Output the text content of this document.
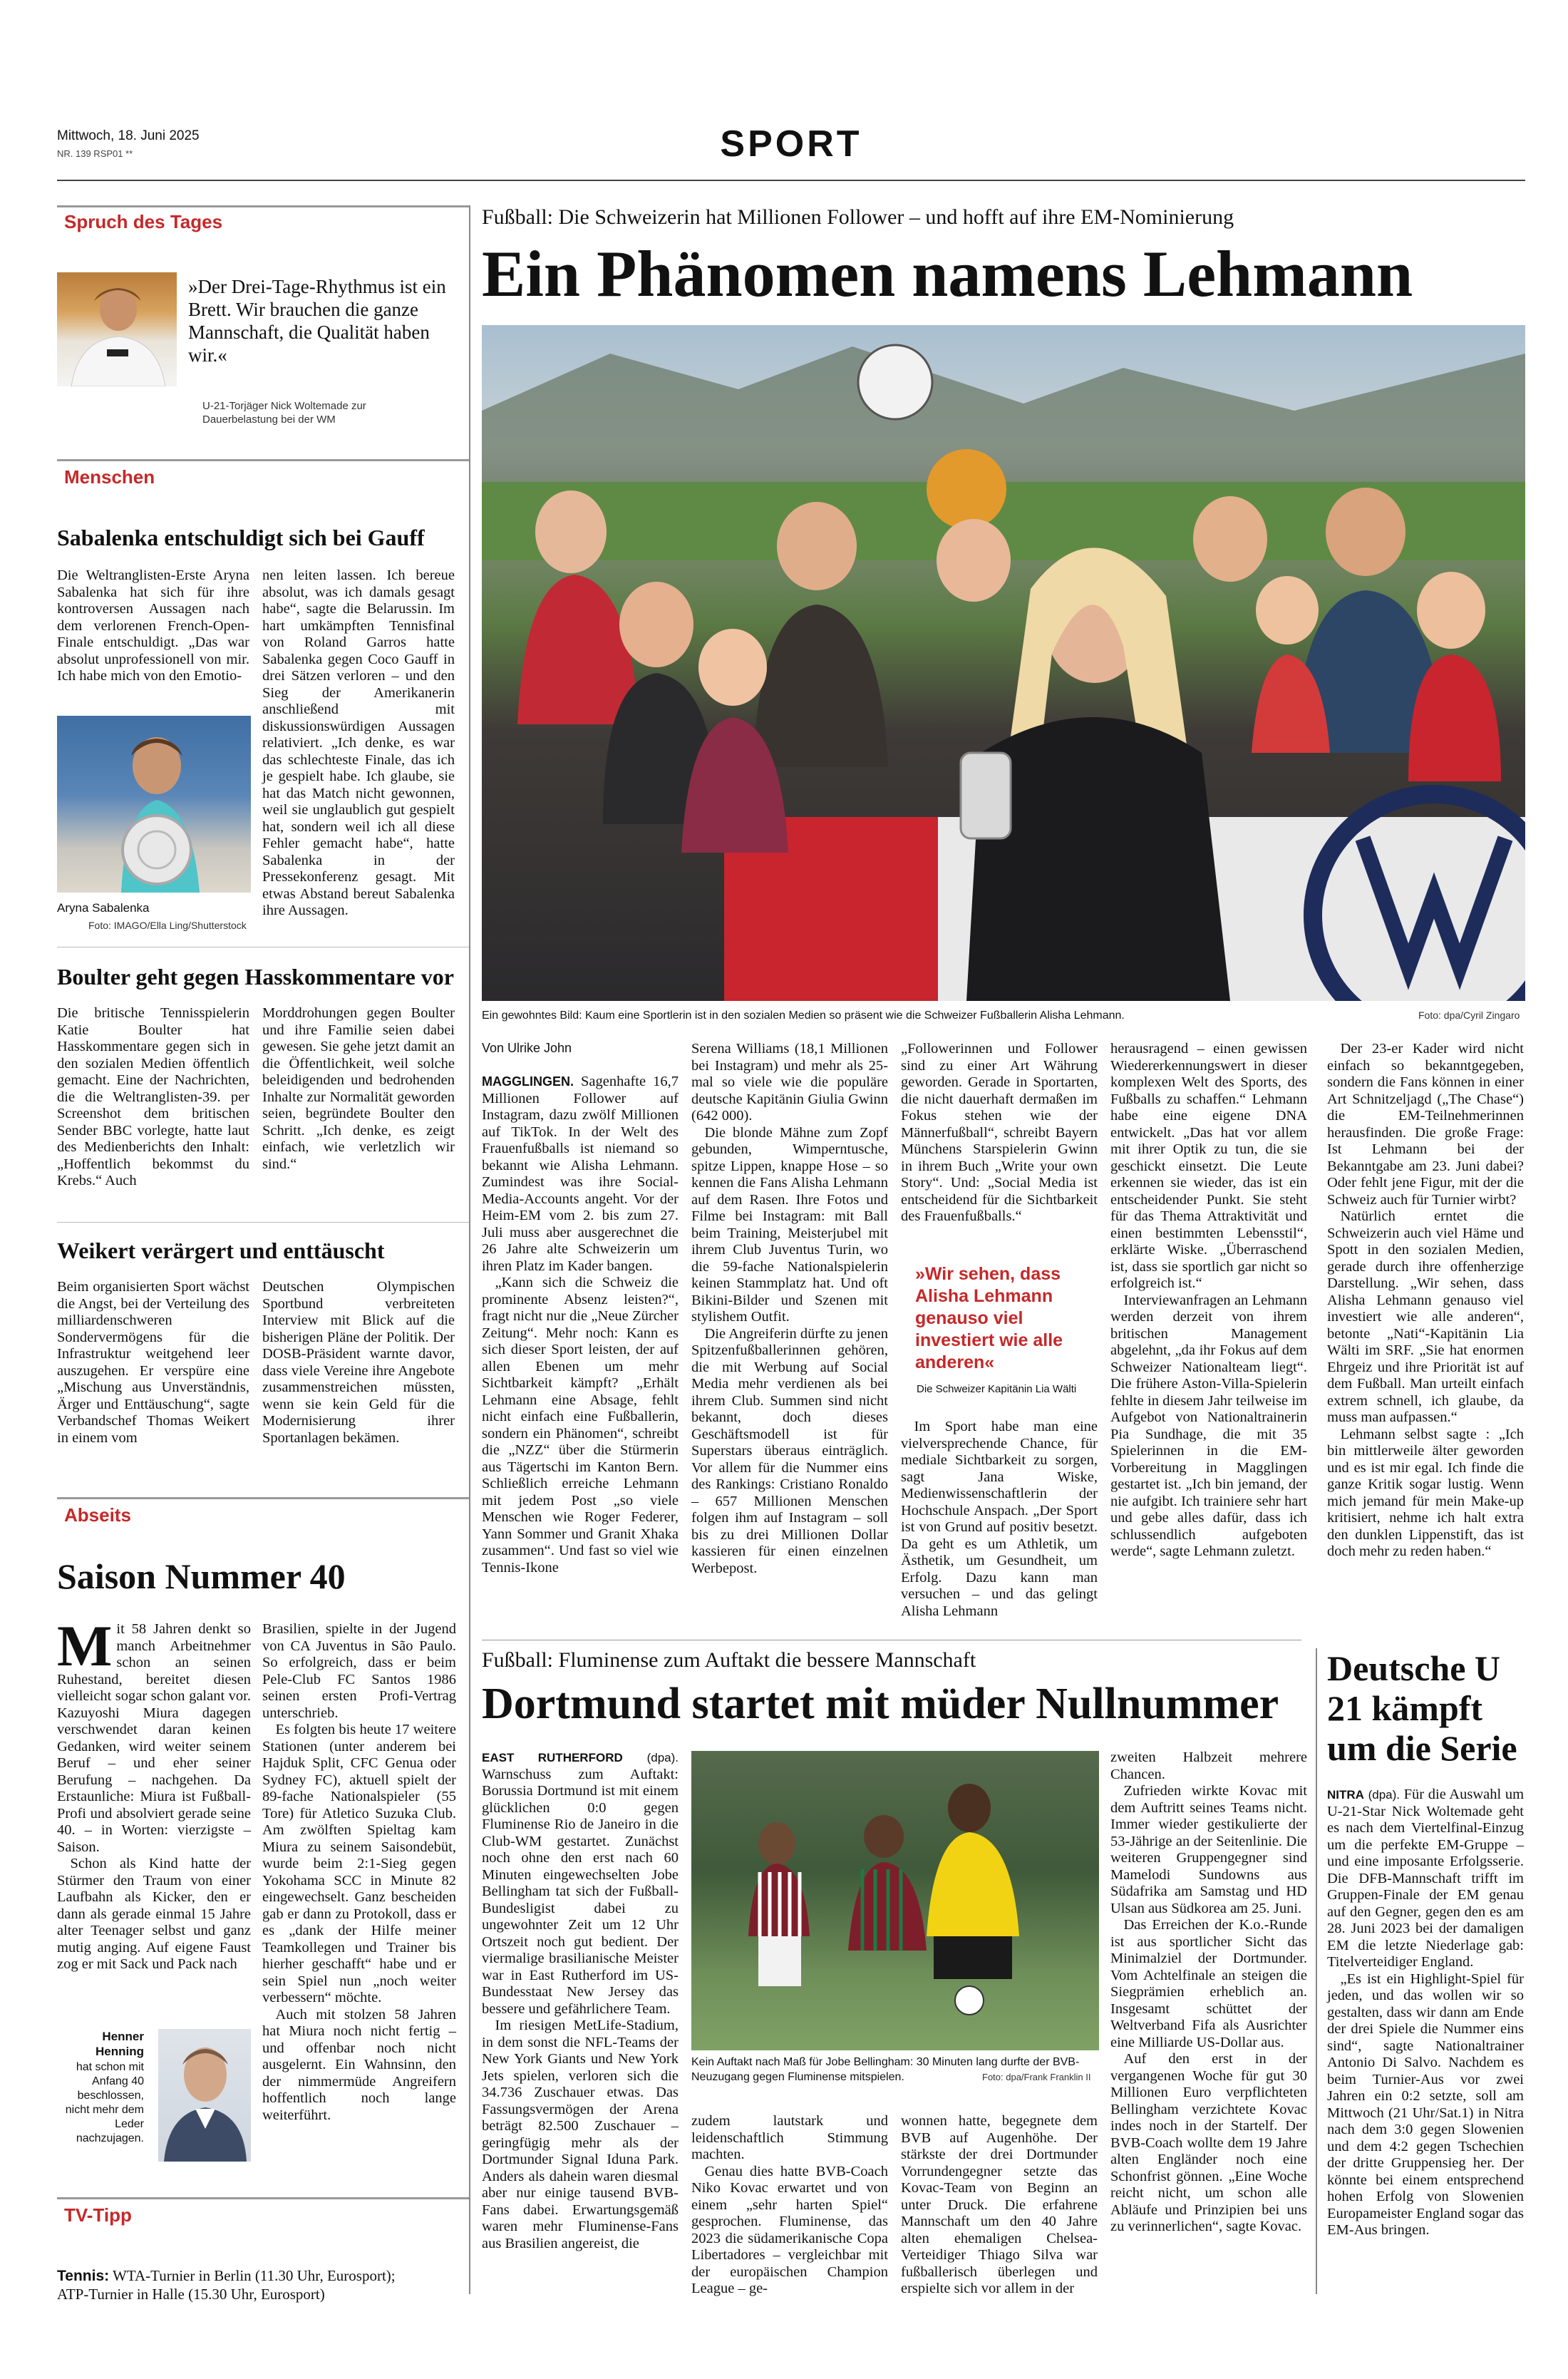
Mittwoch, 18. Juni 2025
NR. 139 RSP01 **	SPORT
Spruch des Tages
»Der Drei-Tage-Rhythmus ist ein Brett. Wir brauchen die ganze Mannschaft, die Qualität haben wir.«
U-21-Torjäger Nick Woltemade zur Dauerbelastung bei der WM
Menschen
Sabalenka entschuldigt sich bei Gauff

Die Weltranglisten-Erste Aryna Sabalenka hat sich für ihre kontroversen Aussagen nach dem verlorenen French-Open-Finale entschuldigt. „Das war absolut unprofessionell von mir. Ich habe mich von den Emotio-

Aryna Sabalenka
Foto: IMAGO/Ella Ling/Shutterstock

nen leiten lassen. Ich bereue absolut, was ich damals gesagt habe“, sagte die Belarussin. Im hart umkämpften Tennisfinal von Roland Garros hatte Sabalenka gegen Coco Gauff in drei Sätzen verloren – und den Sieg der Amerikanerin anschließend mit diskussionswürdigen Aussagen relativiert. „Ich denke, es war das schlechteste Finale, das ich je gespielt habe. Ich glaube, sie hat das Match nicht gewonnen, weil sie unglaublich gut gespielt hat, sondern weil ich all diese Fehler gemacht habe“, hatte Sabalenka in der Pressekonferenz gesagt. Mit etwas Abstand bereut Sabalenka ihre Aussagen.

Boulter geht gegen Hasskommentare vor

Die britische Tennisspielerin Katie Boulter hat Hasskommentare gegen sich in den sozialen Medien öffentlich gemacht. Eine der Nachrichten, die die Weltranglisten-39. per Screenshot dem britischen Sender BBC vorlegte, hatte laut des Medienberichts den Inhalt: „Hoffentlich bekommst du Krebs.“ Auch

Morddrohungen gegen Boulter und ihre Familie seien dabei gewesen. Sie gehe jetzt damit an die Öffentlichkeit, weil solche beleidigenden und bedrohenden Inhalte zur Normalität geworden seien, begründete Boulter den Schritt. „Ich denke, es zeigt einfach, wie verletzlich wir sind.“

Weikert verärgert und enttäuscht

Beim organisierten Sport wächst die Angst, bei der Verteilung des milliardenschweren Sondervermögens für die Infrastruktur weitgehend leer auszugehen. Er verspüre eine „Mischung aus Unverständnis, Ärger und Enttäuschung“, sagte Verbandschef Thomas Weikert in einem vom

Deutschen Olympischen Sportbund verbreiteten Interview mit Blick auf die bisherigen Pläne der Politik. Der DOSB-Präsident warnte davor, dass viele Vereine ihre Angebote zusammenstreichen müssten, wenn sie kein Geld für die Modernisierung ihrer Sportanlagen bekämen.

Abseits
Saison Nummer 40
M it 58 Jahren denkt so manch Arbeitnehmer schon an seinen Ruhestand, bereitet diesen vielleicht sogar schon galant vor. Kazuyoshi Miura dagegen verschwendet daran keinen Gedanken, wird weiter seinem Beruf – und eher seiner Berufung – nachgehen. Da Erstaunliche: Miura ist Fußball-Profi und absolviert gerade seine 40. – in Worten: vierzigste – Saison.

Schon als Kind hatte der Stürmer den Traum von einer Laufbahn als Kicker, den er dann als gerade einmal 15 Jahre alter Teenager selbst und ganz mutig anging. Auf eigene Faust zog er mit Sack und Pack nach

Henner Henning
hat schon mit Anfang 40 beschlossen, nicht mehr dem Leder nachzujagen.

Brasilien, spielte in der Jugend von CA Juventus in São Paulo. So erfolgreich, dass er beim Pele-Club FC Santos 1986 seinen ersten Profi-Vertrag unterschrieb.

Es folgten bis heute 17 weitere Stationen (unter anderem bei Hajduk Split, CFC Genua oder Sydney FC), aktuell spielt der 89-fache Nationalspieler (55 Tore) für Atletico Suzuka Club. Am zwölften Spieltag kam Miura zu seinem Saisondebüt, wurde beim 2:1-Sieg gegen Yokohama SCC in Minute 82 eingewechselt. Ganz bescheiden gab er dann zu Protokoll, dass er es „dank der Hilfe meiner Teamkollegen und Trainer bis hierher geschafft“ habe und er sein Spiel nun „noch weiter verbessern“ möchte.

Auch mit stolzen 58 Jahren hat Miura noch nicht fertig – und offenbar noch nicht ausgelernt. Ein Wahnsinn, den der nimmermüde Angreifern hoffentlich noch lange weiterführt.

TV-Tipp
Tennis: WTA-Turnier in Berlin (11.30 Uhr, Eurosport);
ATP-Turnier in Halle (15.30 Uhr, Eurosport)
Fußball: Die Schweizerin hat Millionen Follower – und hofft auf ihre EM-Nominierung
Ein Phänomen namens Lehmann
Ein gewohntes Bild: Kaum eine Sportlerin ist in den sozialen Medien so präsent wie die Schweizer Fußballerin Alisha Lehmann.	Foto: dpa/Cyril Zingaro
Von Ulrike John

MAGGLINGEN. Sagenhafte 16,7 Millionen Follower auf Instagram, dazu zwölf Millionen auf TikTok. In der Welt des Frauenfußballs ist niemand so bekannt wie Alisha Lehmann. Zumindest was ihre Social-Media-Accounts angeht. Vor der Heim-EM vom 2. bis zum 27. Juli muss aber ausgerechnet die 26 Jahre alte Schweizerin um ihren Platz im Kader bangen.

„Kann sich die Schweiz die prominente Absenz leisten?“, fragt nicht nur die „Neue Zürcher Zeitung“. Mehr noch: Kann es sich dieser Sport leisten, der auf allen Ebenen um mehr Sichtbarkeit kämpft? „Erhält Lehmann eine Absage, fehlt nicht einfach eine Fußballerin, sondern ein Phänomen“, schreibt die „NZZ“ über die Stürmerin aus Tägertschi im Kanton Bern. Schließlich erreiche Lehmann mit jedem Post „so viele Menschen wie Roger Federer, Yann Sommer und Granit Xhaka zusammen“. Und fast so viel wie Tennis-Ikone

Serena Williams (18,1 Millionen bei Instagram) und mehr als 25-mal so viele wie die populäre deutsche Kapitänin Giulia Gwinn (642 000).

Die blonde Mähne zum Zopf gebunden, Wimperntusche, spitze Lippen, knappe Hose – so kennen die Fans Alisha Lehmann auf dem Rasen. Ihre Fotos und Filme bei Instagram: mit Ball beim Training, Meisterjubel mit ihrem Club Juventus Turin, wo die 59-fache Nationalspielerin keinen Stammplatz hat. Und oft Bikini-Bilder und Szenen mit stylishem Outfit.

Die Angreiferin dürfte zu jenen Spitzenfußballerinnen gehören, die mit Werbung auf Social Media mehr verdienen als bei ihrem Club. Summen sind nicht bekannt, doch dieses Geschäftsmodell ist für Superstars überaus einträglich. Vor allem für die Nummer eins des Rankings: Cristiano Ronaldo – 657 Millionen Menschen folgen ihm auf Instagram – soll bis zu drei Millionen Dollar kassieren für einen einzelnen Werbepost.

„Followerinnen und Follower sind zu einer Art Währung geworden. Gerade in Sportarten, die nicht dauerhaft dermaßen im Fokus stehen wie der Männerfußball“, schreibt Bayern Münchens Starspielerin Gwinn in ihrem Buch „Write your own Story“. Und: „Social Media ist entscheidend für die Sichtbarkeit des Frauenfußballs.“

»Wir sehen, dass Alisha Lehmann genauso viel investiert wie alle anderen«
Die Schweizer Kapitänin Lia Wälti

Im Sport habe man eine vielversprechende Chance, für mediale Sichtbarkeit zu sorgen, sagt Jana Wiske, Medienwissenschaftlerin der Hochschule Anspach. „Der Sport ist von Grund auf positiv besetzt. Da geht es um Athletik, um Ästhetik, um Gesundheit, um Erfolg. Dazu kann man versuchen – und das gelingt Alisha Lehmann

herausragend – einen gewissen Wiedererkennungswert in dieser komplexen Welt des Sports, des Fußballs zu schaffen.“ Lehmann habe eine eigene DNA entwickelt. „Das hat vor allem mit ihrer Optik zu tun, die sie geschickt einsetzt. Die Leute erkennen sie wieder, das ist ein entscheidender Punkt. Sie steht für das Thema Attraktivität und einen bestimmten Lebensstil“, erklärte Wiske. „Überraschend ist, dass sie sportlich gar nicht so erfolgreich ist.“

Interviewanfragen an Lehmann werden derzeit von ihrem britischen Management abgelehnt, „da ihr Fokus auf dem Schweizer Nationalteam liegt“. Die frühere Aston-Villa-Spielerin fehlte in diesem Jahr teilweise im Aufgebot von Nationaltrainerin Pia Sundhage, die mit 35 Spielerinnen in die EM-Vorbereitung in Magglingen gestartet ist. „Ich bin jemand, der nie aufgibt. Ich trainiere sehr hart und gebe alles dafür, dass ich schlussendlich aufgeboten werde“, sagte Lehmann zuletzt.

Der 23-er Kader wird nicht einfach so bekanntgegeben, sondern die Fans können in einer Art Schnitzeljagd („The Chase“) die EM-Teilnehmerinnen herausfinden. Die große Frage: Ist Lehmann bei der Bekanntgabe am 23. Juni dabei? Oder fehlt jene Figur, mit der die Schweiz auch für Turnier wirbt?

Natürlich erntet die Schweizerin auch viel Häme und Spott in den sozialen Medien, gerade durch ihre offenherzige Darstellung. „Wir sehen, dass Alisha Lehmann genauso viel investiert wie alle anderen“, betonte „Nati“-Kapitänin Lia Wälti im SRF. „Sie hat enormen Ehrgeiz und ihre Priorität ist auf dem Fußball. Man urteilt einfach extrem schnell, ich glaube, da muss man aufpassen.“

Lehmann selbst sagte : „Ich bin mittlerweile älter geworden und es ist mir egal. Ich finde die ganze Kritik sogar lustig. Wenn mich jemand für mein Make-up kritisiert, nehme ich halt extra den dunklen Lippenstift, das ist doch mehr zu reden haben.“

Fußball: Fluminense zum Auftakt die bessere Mannschaft
Dortmund startet mit müder Nullnummer

EAST RUTHERFORD (dpa). Warnschuss zum Auftakt: Borussia Dortmund ist mit einem glücklichen 0:0 gegen Fluminense Rio de Janeiro in die Club-WM gestartet. Zunächst noch ohne den erst nach 60 Minuten eingewechselten Jobe Bellingham tat sich der Fußball-Bundesligist dabei zu ungewohnter Zeit um 12 Uhr Ortszeit noch gut bedient. Der viermalige brasilianische Meister war in East Rutherford im US-Bundesstaat New Jersey das bessere und gefährlichere Team.

Im riesigen MetLife-Stadium, in dem sonst die NFL-Teams der New York Giants und New York Jets spielen, verloren sich die 34.736 Zuschauer etwas. Das Fassungsvermögen der Arena beträgt 82.500 Zuschauer – geringfügig mehr als der Dortmunder Signal Iduna Park. Anders als dahein waren diesmal aber nur einige tausend BVB-Fans dabei. Erwartungsgemäß waren mehr Fluminense-Fans aus Brasilien angereist, die

Kein Auftakt nach Maß für Jobe Bellingham: 30 Minuten lang durfte der BVB-Neuzugang gegen Fluminense mitspielen.	Foto: dpa/Frank Franklin II

zudem lautstark und leidenschaftlich Stimmung machten.

Genau dies hatte BVB-Coach Niko Kovac erwartet und von einem „sehr harten Spiel“ gesprochen. Fluminense, das 2023 die südamerikanische Copa Libertadores – vergleichbar mit der europäischen Champion League – ge-

wonnen hatte, begegnete dem BVB auf Augenhöhe. Der stärkste der drei Dortmunder Vorrundengegner setzte das Kovac-Team von Beginn an unter Druck. Die erfahrene Mannschaft um den 40 Jahre alten ehemaligen Chelsea-Verteidiger Thiago Silva war fußballerisch überlegen und erspielte sich vor allem in der

zweiten Halbzeit mehrere Chancen.

Zufrieden wirkte Kovac mit dem Auftritt seines Teams nicht. Immer wieder gestikulierte der 53-Jährige an der Seitenlinie. Die weiteren Gruppengegner sind Mamelodi Sundowns aus Südafrika am Samstag und HD Ulsan aus Südkorea am 25. Juni.

Das Erreichen der K.o.-Runde ist aus sportlicher Sicht das Minimalziel der Dortmunder. Vom Achtelfinale an steigen die Siegprämien erheblich an. Insgesamt schüttet der Weltverband Fifa als Ausrichter eine Milliarde US-Dollar aus.

Auf den erst in der vergangenen Woche für gut 30 Millionen Euro verpflichteten Bellingham verzichtete Kovac indes noch in der Startelf. Der BVB-Coach wollte dem 19 Jahre alten Engländer noch eine Schonfrist gönnen. „Eine Woche reicht nicht, um schon alle Abläufe und Prinzipien bei uns zu verinnerlichen“, sagte Kovac.

Deutsche U 21 kämpft um die Serie

NITRA (dpa). Für die Auswahl um U-21-Star Nick Woltemade geht es nach dem Viertelfinal-Einzug um die perfekte EM-Gruppe – und eine imposante Erfolgsserie. Die DFB-Mannschaft trifft im Gruppen-Finale der EM genau auf den Gegner, gegen den es am 28. Juni 2023 bei der damaligen EM die letzte Niederlage gab: Titelverteidiger England.

„Es ist ein Highlight-Spiel für jeden, und das wollen wir so gestalten, dass wir dann am Ende der drei Spiele die Nummer eins sind“, sagte Nationaltrainer Antonio Di Salvo. Nachdem es beim Turnier-Aus vor zwei Jahren ein 0:2 setzte, soll am Mittwoch (21 Uhr/Sat.1) in Nitra nach dem 3:0 gegen Slowenien und dem 4:2 gegen Tschechien der dritte Gruppensieg her. Der könnte bei einem entsprechend hohen Erfolg von Slowenien Europameister England sogar das EM-Aus bringen.
